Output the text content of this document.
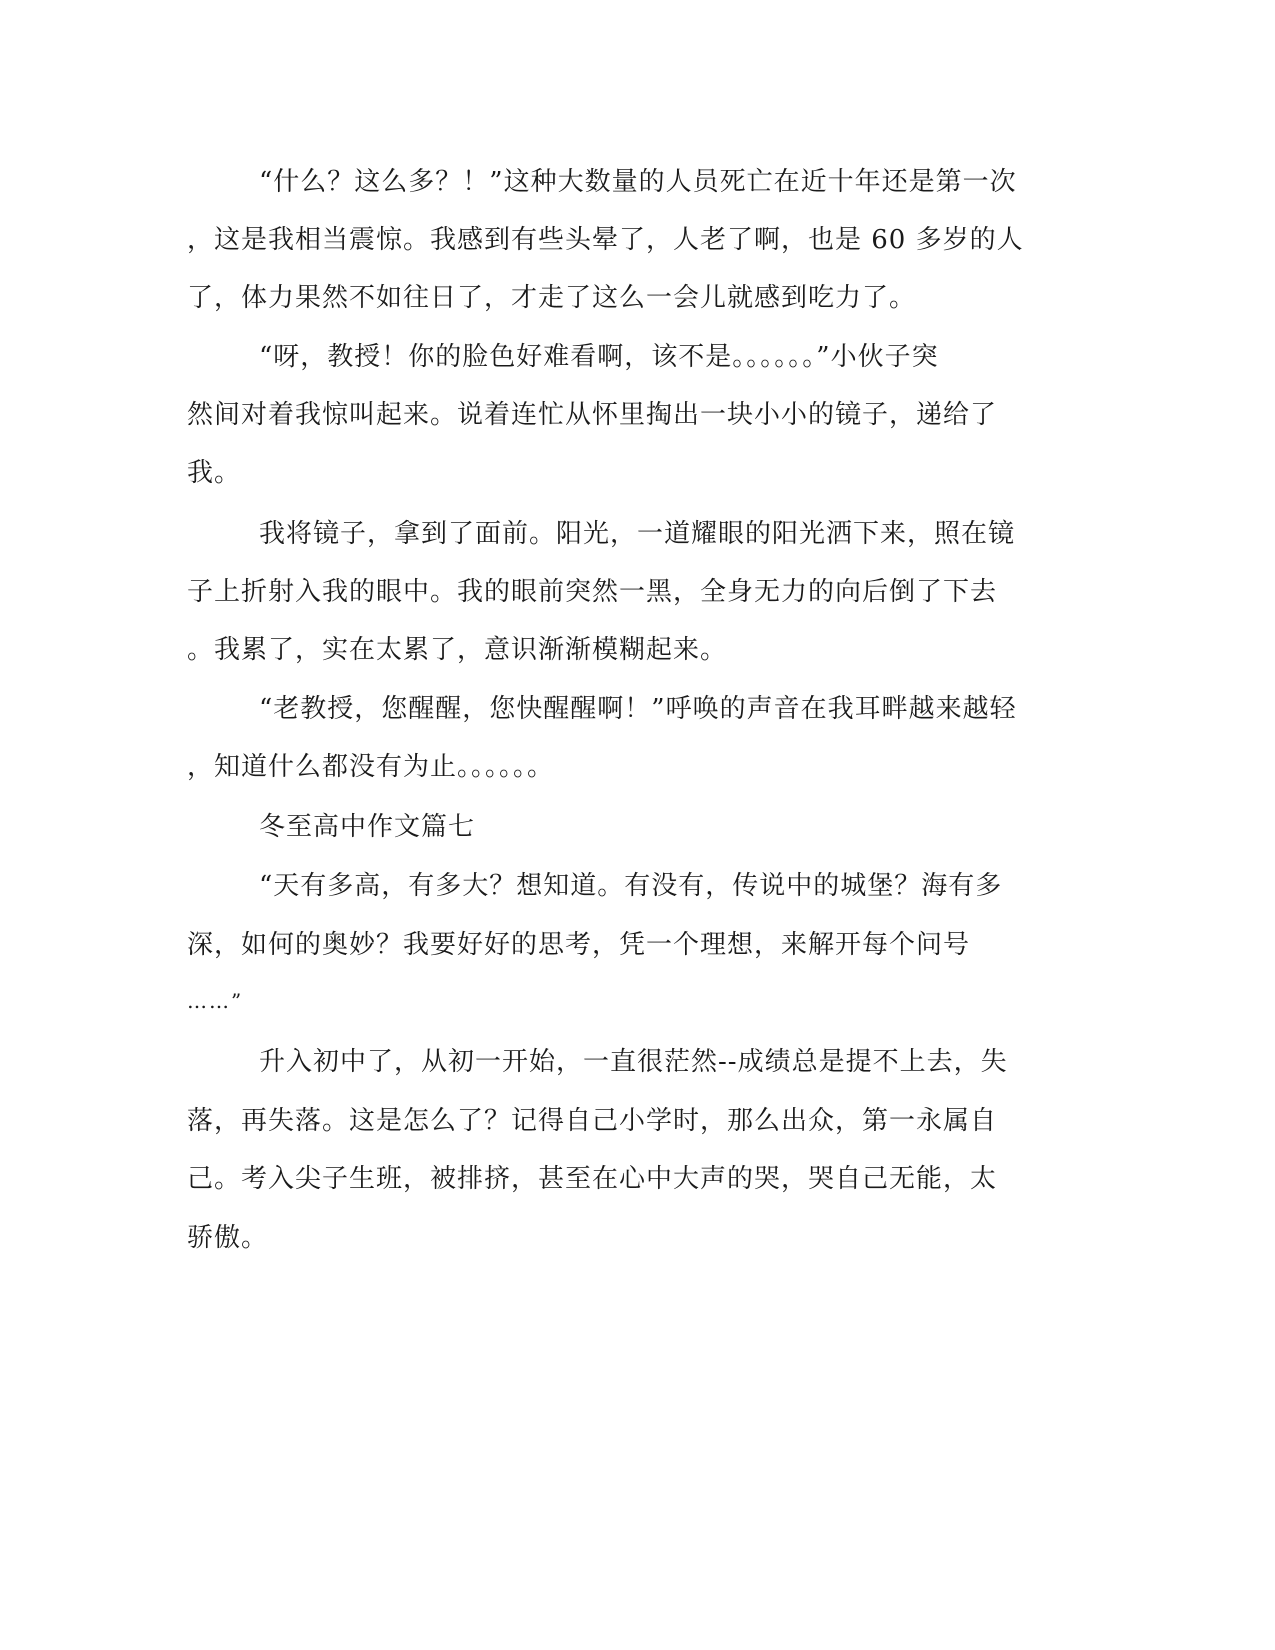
“什么？这么多？！”这种大数量的人员死亡在近十年还是第一次
，这是我相当震惊。我感到有些头晕了，人老了啊，也是 60 多岁的人
了，体力果然不如往日了，才走了这么一会儿就感到吃力了。
“呀，教授！你的脸色好难看啊，该不是。。。。。。”小伙子突
然间对着我惊叫起来。说着连忙从怀里掏出一块小小的镜子，递给了
我。
我将镜子，拿到了面前。阳光，一道耀眼的阳光洒下来，照在镜
子上折射入我的眼中。我的眼前突然一黑，全身无力的向后倒了下去
。我累了，实在太累了，意识渐渐模糊起来。
“老教授，您醒醒，您快醒醒啊！”呼唤的声音在我耳畔越来越轻
，知道什么都没有为止。。。。。。
冬至高中作文篇七
“天有多高，有多大？想知道。有没有，传说中的城堡？海有多
深，如何的奥妙？我要好好的思考，凭一个理想，来解开每个问号
……”
升入初中了，从初一开始，一直很茫然--成绩总是提不上去，失
落，再失落。这是怎么了？记得自己小学时，那么出众，第一永属自
己。考入尖子生班，被排挤，甚至在心中大声的哭，哭自己无能，太
骄傲。
